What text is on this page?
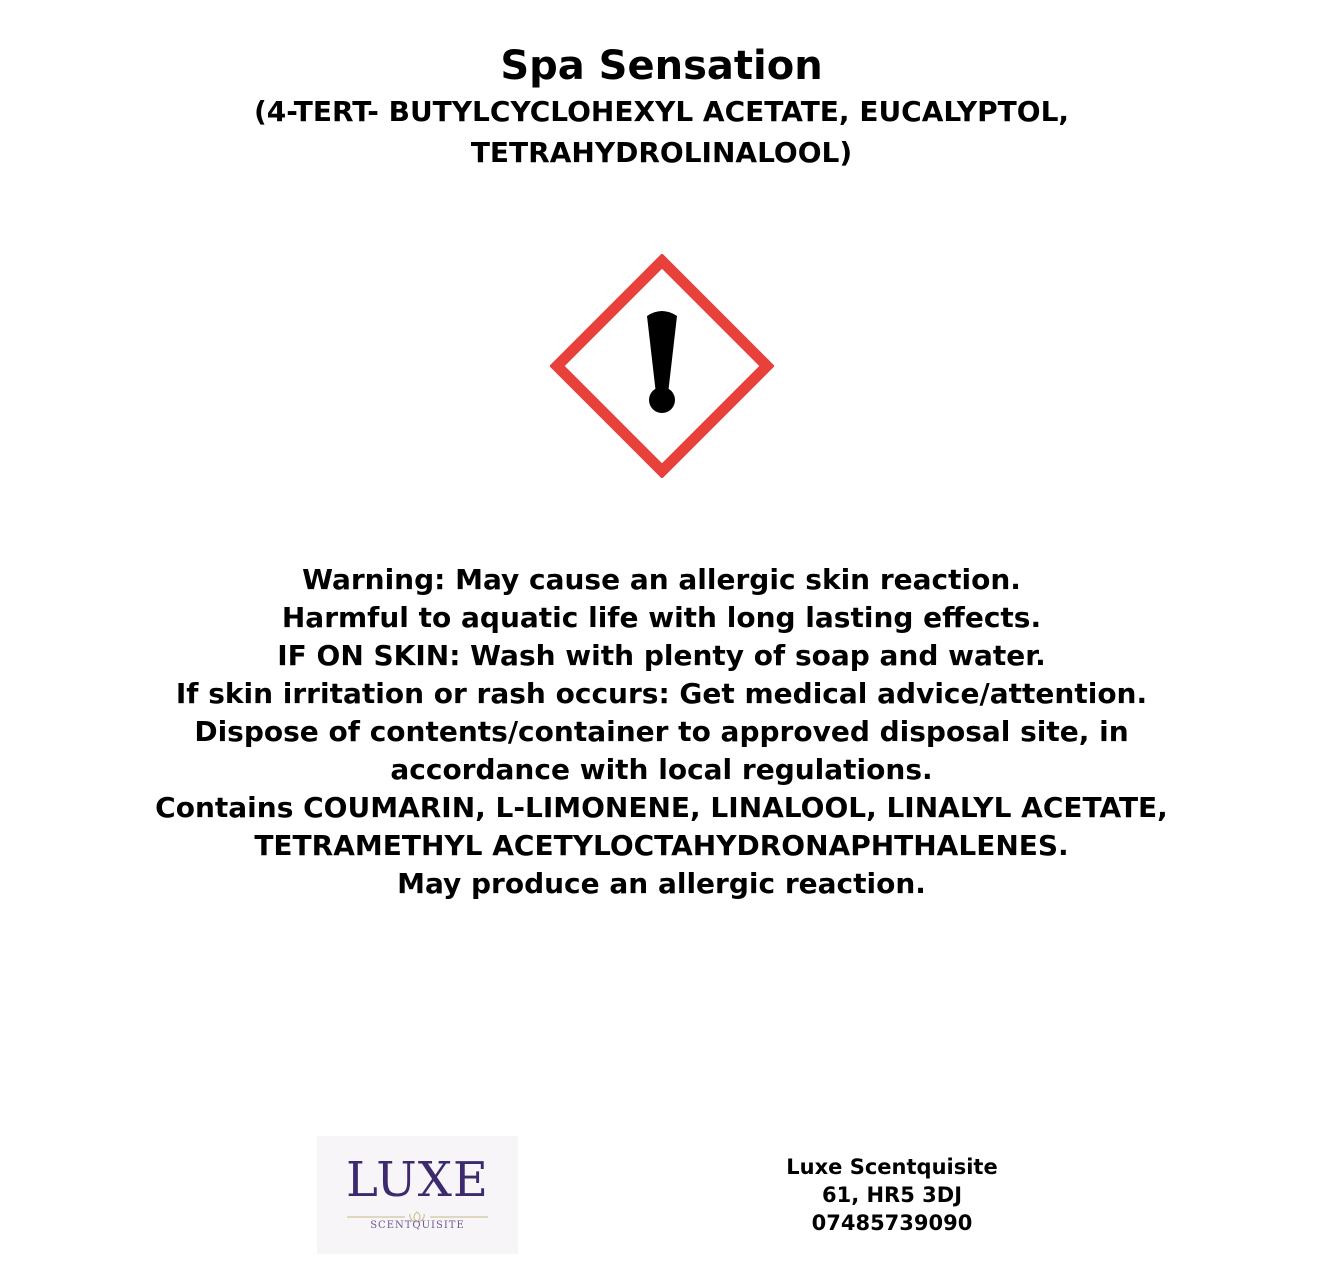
Spa Sensation

(4-TERT- BUTYLCYCLOHEXYL ACETATE, EUCALYPTOL, TETRAHYDROLINALOOL)

Warning: May cause an allergic skin reaction.
Harmful to aquatic life with long lasting effects.
IF ON SKIN: Wash with plenty of soap and water.
If skin irritation or rash occurs: Get medical advice/attention.
Dispose of contents/container to approved disposal site, in
accordance with local regulations.
Contains COUMARIN, L-LIMONENE, LINALOOL, LINALYL ACETATE,
TETRAMETHYL ACETYLOCTAHYDRONAPHTHALENES.
May produce an allergic reaction.
LUXE
SCENTQUISITE
Luxe Scentquisite
61, HR5 3DJ
07485739090
